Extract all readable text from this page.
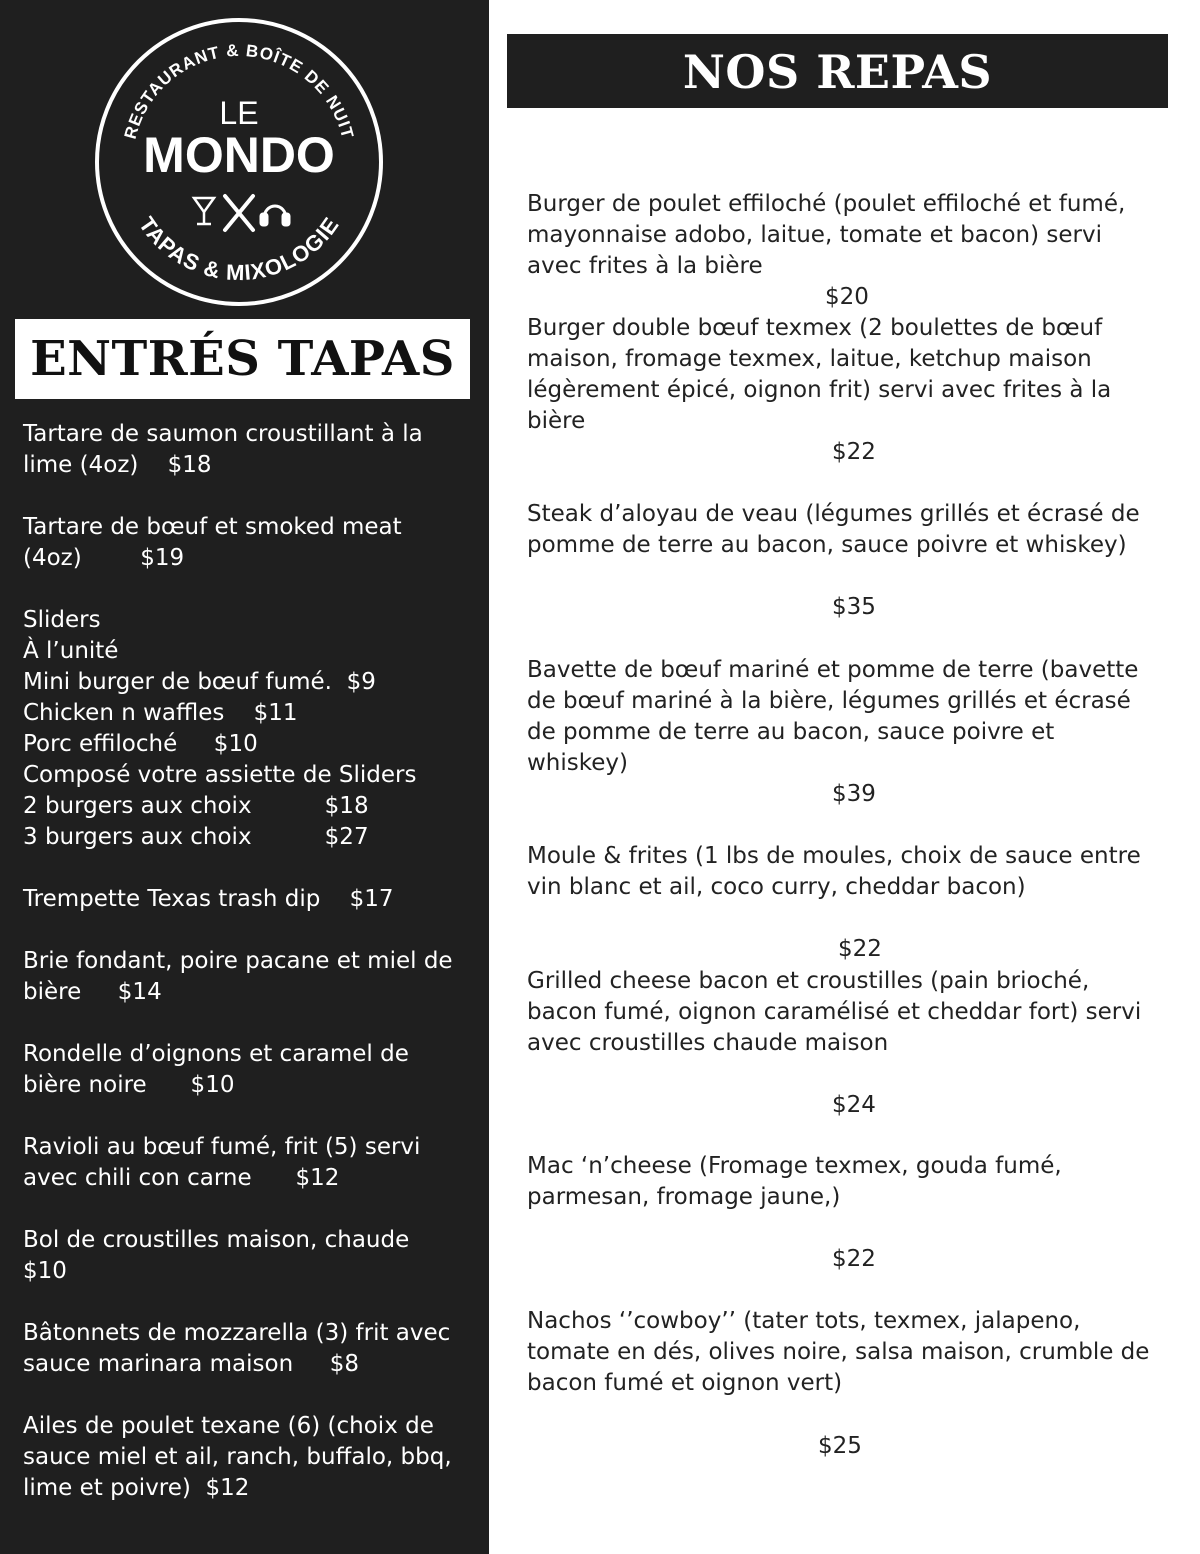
RESTAURANT & BOÎTE DE NUIT
LE
MONDO
TAPAS & MIXOLOGIE
ENTRÉS TAPAS
Tartare de saumon croustillant à la
lime (4oz)    $18
Tartare de bœuf et smoked meat
(4oz)        $19
Sliders
À l’unité
Mini burger de bœuf fumé.  $9
Chicken n waffles    $11
Porc effiloché     $10
Composé votre assiette de Sliders
2 burgers aux choix          $18
3 burgers aux choix          $27
Trempette Texas trash dip    $17
Brie fondant, poire pacane et miel de
bière     $14
Rondelle d’oignons et caramel de
bière noire      $10
Ravioli au bœuf fumé, frit (5) servi
avec chili con carne      $12
Bol de croustilles maison, chaude
$10
Bâtonnets de mozzarella (3) frit avec
sauce marinara maison     $8
Ailes de poulet texane (6) (choix de
sauce miel et ail, ranch, buffalo, bbq,
lime et poivre)  $12
NOS REPAS
Burger de poulet effiloché (poulet effiloché et fumé,
mayonnaise adobo, laitue, tomate et bacon) servi
avec frites à la bière
$20
Burger double bœuf texmex (2 boulettes de bœuf
maison, fromage texmex, laitue, ketchup maison
légèrement épicé, oignon frit) servi avec frites à la
bière
$22
Steak d’aloyau de veau (légumes grillés et écrasé de
pomme de terre au bacon, sauce poivre et whiskey)
$35
Bavette de bœuf mariné et pomme de terre (bavette
de bœuf mariné à la bière, légumes grillés et écrasé
de pomme de terre au bacon, sauce poivre et
whiskey)
$39
Moule & frites (1 lbs de moules, choix de sauce entre
vin blanc et ail, coco curry, cheddar bacon)
$22
Grilled cheese bacon et croustilles (pain brioché,
bacon fumé, oignon caramélisé et cheddar fort) servi
avec croustilles chaude maison
$24
Mac ‘n’cheese (Fromage texmex, gouda fumé,
parmesan, fromage jaune,)
$22
Nachos ‘’cowboy’’ (tater tots, texmex, jalapeno,
tomate en dés, olives noire, salsa maison, crumble de
bacon fumé et oignon vert)
$25
